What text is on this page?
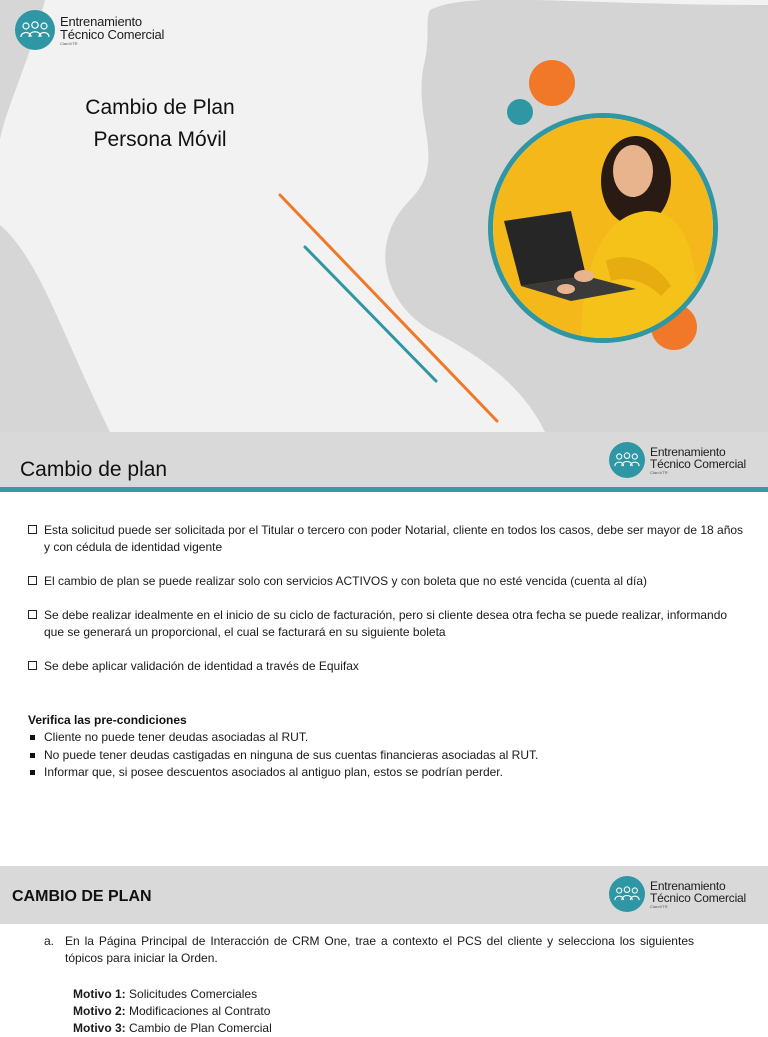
Entrenamiento
Técnico Comercial
ClaroVTR
Cambio de Plan
Persona Móvil
Cambio de plan
Entrenamiento
Técnico Comercial
ClaroVTR
Esta solicitud puede ser solicitada por el Titular o tercero con poder Notarial, cliente en todos los casos, debe ser mayor de 18 años y con cédula de identidad vigente
El cambio de plan se puede realizar solo con servicios ACTIVOS y con boleta que no esté vencida (cuenta al día)
Se debe realizar idealmente en el inicio de su ciclo de facturación, pero si cliente desea otra fecha se puede realizar, informando que se generará un proporcional, el cual se facturará en su siguiente boleta
Se debe aplicar validación de identidad a través de Equifax
Verifica las pre-condiciones
Cliente no puede tener deudas asociadas al RUT.
No puede tener deudas castigadas en ninguna de sus cuentas financieras asociadas al RUT.
Informar que, si posee descuentos asociados al antiguo plan, estos se podrían perder.
CAMBIO DE PLAN
Entrenamiento
Técnico Comercial
ClaroVTR
a. En la Página Principal de Interacción de CRM One, trae a contexto el PCS del cliente y selecciona los siguientes tópicos para iniciar la Orden.
Motivo 1: Solicitudes Comerciales
Motivo 2: Modificaciones al Contrato
Motivo 3: Cambio de Plan Comercial
